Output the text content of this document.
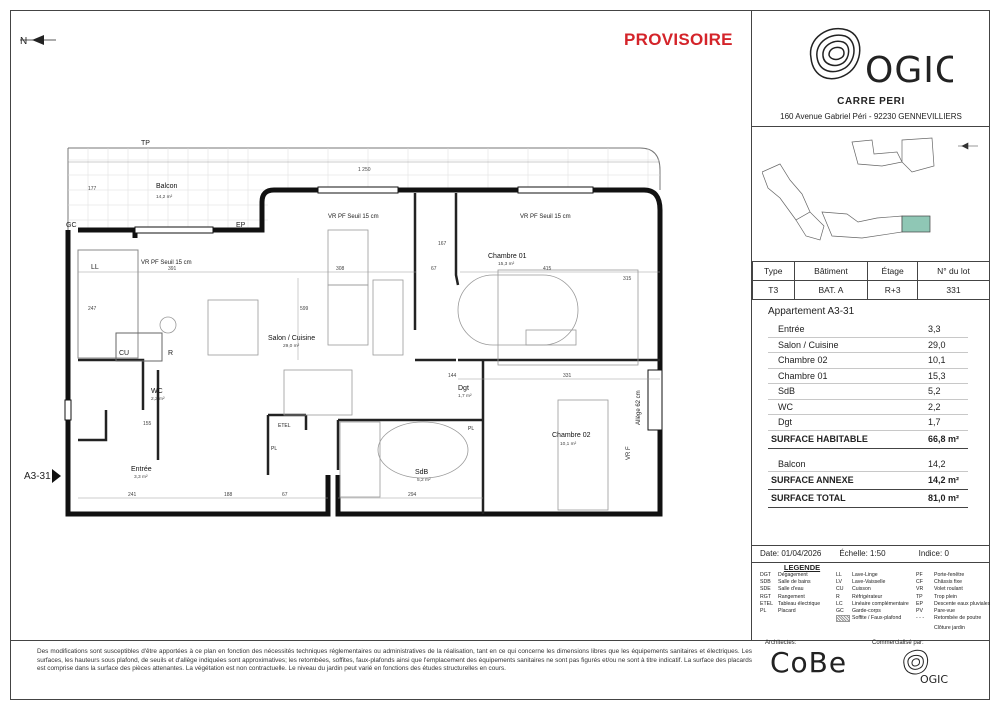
N	PROVISOIRE
1 250
391	308	67	415
331
144
155
241	188	67	294
177
247	599
315
167
Balcon
Salon / Cuisine
Chambre 01
Chambre 02
Dgt
WC
Entrée	SdB
14,2 m²
29,0 m²
15,3 m²
10,1 m²
1,7 m²
2,2 m²
3,3 m²
5,2 m²
TP
GC	EP
LL
CU	R
ETEL
PL
PL
VR PF Seuil 15 cm
VR PF Seuil 15 cm	VR PF Seuil 15 cm
Allège 62 cm
VR F
A3-31
OGIC
CARRE PERI
160 Avenue Gabriel Péri - 92230 GENNEVILLIERS
Type	Bâtiment	Étage	N° du lot
T3	BAT. A	R+3	331
Appartement A3-31
Entrée	3,3
Salon / Cuisine	29,0
Chambre 02	10,1
Chambre 01	15,3
SdB	5,2
WC	2,2
Dgt	1,7
SURFACE HABITABLE	66,8 m²
Balcon	14,2
SURFACE ANNEXE	14,2 m²
SURFACE TOTAL	81,0 m²
Date: 01/04/2026	Échelle: 1:50	Indice: 0
LEGENDE
DGT	Dégagement	LL	Lave-Linge	PF	Porte-fenêtre
SDB	Salle de bains	LV	Lave-Vaisselle	CF	Châssis fixe
SDE	Salle d'eau	CU	Cuisson	VR	Volet roulant
RGT	Rangement	R	Réfrigérateur	TP	Trop plein
ETEL Tableau électrique	LC	Linéaire complémentaire	EP	Descente eaux pluviales
PL	Placard	GC	Garde-corps	PV	Pare-vue
Soffite / Faux-plafond	- - -	Retombée de poutre
Clôture jardin
Des modifications sont susceptibles d'être apportées à ce plan en fonction des nécessités techniques réglementaires ou administratives de la réalisation, tant en ce qui concerne les dimensions libres que les équipements sanitaires et électriques. Les surfaces, les hauteurs sous plafond, de seuils et d'allège indiquées sont approximatives; les retombées, soffites, faux-plafonds ainsi que l'emplacement des équipements sanitaires ne sont pas figurés et/ou ne sont à titre indicatif. La surface des placards est comprise dans la surface des pièces attenantes. La végétation est non contractuelle. Le niveau du jardin peut varié en fonctions des études structurelles en cours.
Architectes:
CoBe
Commercialisé par:
OGIC
